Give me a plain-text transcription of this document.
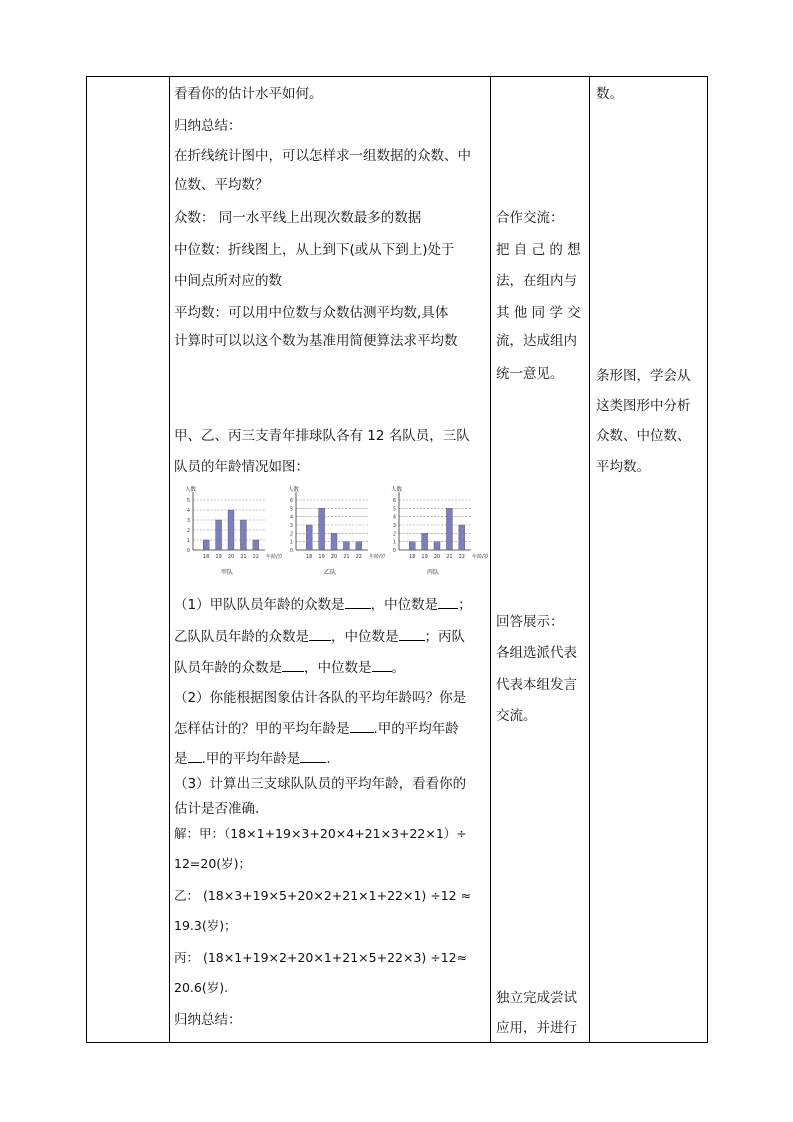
看看你的估计水平如何。
归纳总结：
在折线统计图中，可以怎样求一组数据的众数、中
位数、平均数？
众数： 同一水平线上出现次数最多的数据
中位数：折线图上，从上到下(或从下到上)处于
中间点所对应的数
平均数：可以用中位数与众数估测平均数,具体
计算时可以以这个数为基准用简便算法求平均数
甲、乙、丙三支青年排球队各有 12 名队员，三队
队员的年龄情况如图：
（1）甲队队员年龄的众数是 ，中位数是 ；
乙队队员年龄的众数是 ，中位数是 ；丙队
队员年龄的众数是 ，中位数是 。
（2）你能根据图象估计各队的平均年龄吗？你是
怎样估计的？甲的平均年龄是 .甲的平均年龄
是 .甲的平均年龄是 .
（3）计算出三支球队队员的平均年龄，看看你的
估计是否准确.
解：甲：（18×1+19×3+20×4+21×3+22×1）÷
12=20(岁)；
乙： (18×3+19×5+20×2+21×1+22×1) ÷12 ≈
19.3(岁)；
丙： (18×1+19×2+20×1+21×5+22×3) ÷12≈
20.6(岁).
归纳总结：
合作交流：
把 自 己 的 想
法，在组内与
其 他 同 学 交
流，达成组内
统一意见。
回答展示：
各组选派代表
代表本组发言
交流。
独立完成尝试
应用，并进行
数。
条形图，学会从
这类图形中分析
众数、中位数、
平均数。
1
2
3
4
5
0
人数
18 19 20 21 22 年龄/岁
甲队
1
2
3
4
5
6
0
人数
18 19 20 21 22 年龄/岁
乙队
1
2
3
4
5
6
0
人数
18 19 20 21 22 年龄/岁
丙队
